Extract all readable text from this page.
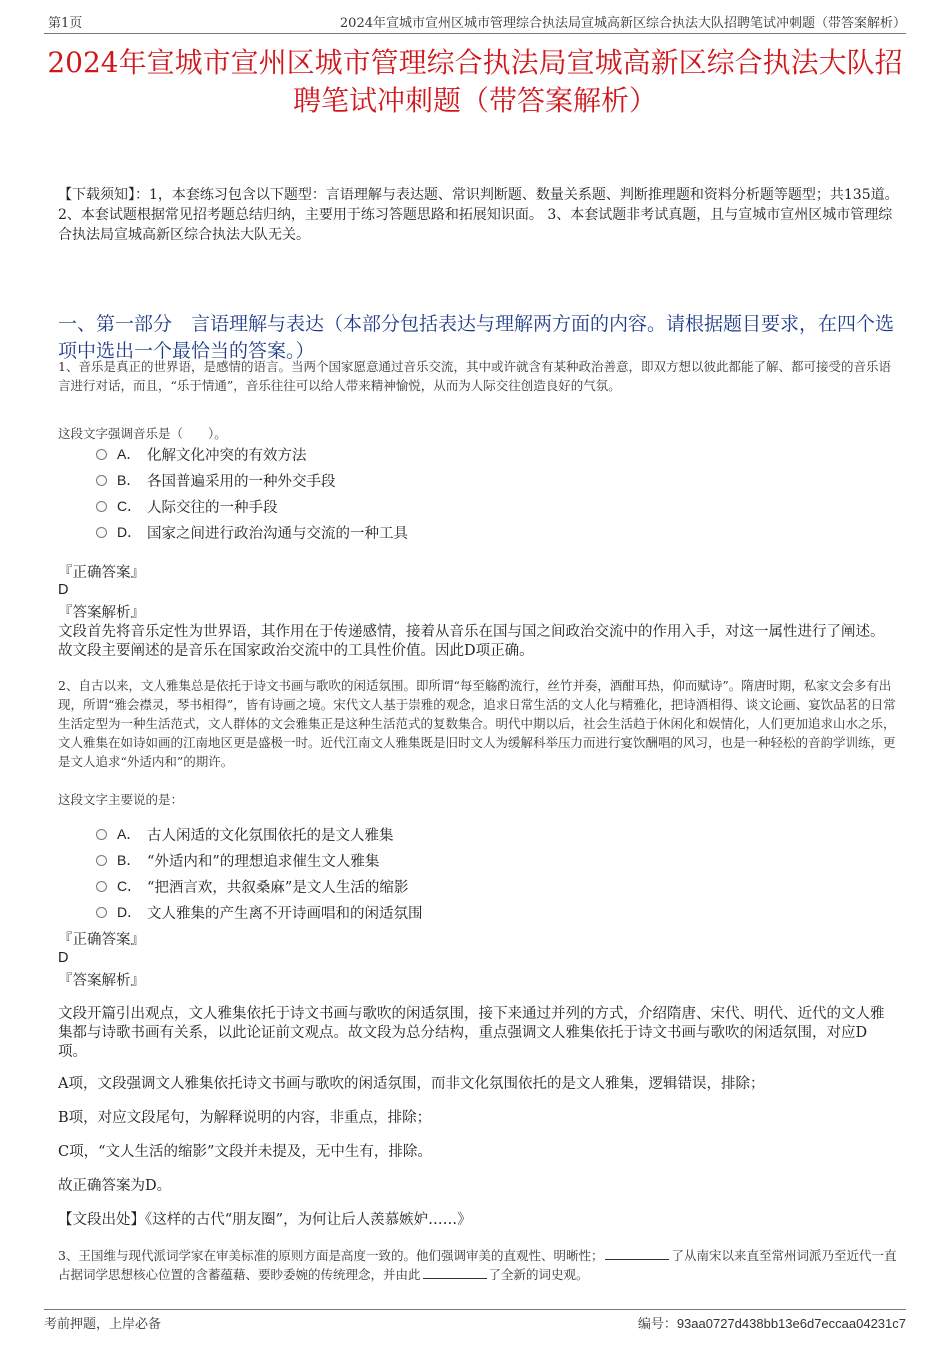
第1页	2024年宣城市宣州区城市管理综合执法局宣城高新区综合执法大队招聘笔试冲刺题（带答案解析）
2024年宣城市宣州区城市管理综合执法局宣城高新区综合执法大队招聘笔试冲刺题（带答案解析）

【下载须知】：1，本套练习包含以下题型：言语理解与表达题、常识判断题、数量关系题、判断推理题和资料分析题等题型；共135道。 2、本套试题根据常见招考题总结归纳，主要用于练习答题思路和拓展知识面。 3、本套试题非考试真题，且与宣城市宣州区城市管理综合执法局宣城高新区综合执法大队无关。

一、第一部分　言语理解与表达（本部分包括表达与理解两方面的内容。请根据题目要求，在四个选项中选出一个最恰当的答案。）

1、音乐是真正的世界语，是感情的语言。当两个国家愿意通过音乐交流，其中或许就含有某种政治善意，即双方想以彼此都能了解、都可接受的音乐语言进行对话，而且，“乐于情通”，音乐往往可以给人带来精神愉悦，从而为人际交往创造良好的气氛。

这段文字强调音乐是（　　）。

A． 化解文化冲突的有效方法
B． 各国普遍采用的一种外交手段
C． 人际交往的一种手段
D． 国家之间进行政治沟通与交流的一种工具

『正确答案』

D

『答案解析』

文段首先将音乐定性为世界语，其作用在于传递感情，接着从音乐在国与国之间政治交流中的作用入手，对这一属性进行了阐述。故文段主要阐述的是音乐在国家政治交流中的工具性价值。因此D项正确。

2、自古以来，文人雅集总是依托于诗文书画与歌吹的闲适氛围。即所谓“每至觞酌流行，丝竹并奏，酒酣耳热，仰而赋诗”。隋唐时期，私家文会多有出现，所谓“雅会襟灵，琴书相得”，皆有诗画之境。宋代文人基于崇雅的观念，追求日常生活的文人化与精雅化，把诗酒相得、谈文论画、宴饮品茗的日常生活定型为一种生活范式，文人群体的文会雅集正是这种生活范式的复数集合。明代中期以后，社会生活趋于休闲化和娱情化，人们更加追求山水之乐，文人雅集在如诗如画的江南地区更是盛极一时。近代江南文人雅集既是旧时文人为缓解科举压力而进行宴饮酬唱的风习，也是一种轻松的音韵学训练，更是文人追求“外适内和”的期许。

这段文字主要说的是：

A． 古人闲适的文化氛围依托的是文人雅集
B． “外适内和”的理想追求催生文人雅集
C． “把酒言欢，共叙桑麻”是文人生活的缩影
D． 文人雅集的产生离不开诗画唱和的闲适氛围

『正确答案』

D

『答案解析』

文段开篇引出观点，文人雅集依托于诗文书画与歌吹的闲适氛围，接下来通过并列的方式，介绍隋唐、宋代、明代、近代的文人雅集都与诗歌书画有关系，以此论证前文观点。故文段为总分结构，重点强调文人雅集依托于诗文书画与歌吹的闲适氛围，对应D项。

A项，文段强调文人雅集依托诗文书画与歌吹的闲适氛围，而非文化氛围依托的是文人雅集，逻辑错误，排除；

B项，对应文段尾句，为解释说明的内容，非重点，排除；

C项，“文人生活的缩影”文段并未提及，无中生有，排除。

故正确答案为D。

【文段出处】《这样的古代“朋友圈”，为何让后人羡慕嫉妒……》

3、王国维与现代派词学家在审美标准的原则方面是高度一致的。他们强调审美的直观性、明晰性；	了从南宋以来直至常州词派乃至近代一直占据词学思想核心位置的含蓄蕴藉、要眇委婉的传统理念，并由此	了全新的词史观。

考前押题，上岸必备	编号：93aa0727d438bb13e6d7eccaa04231c7
